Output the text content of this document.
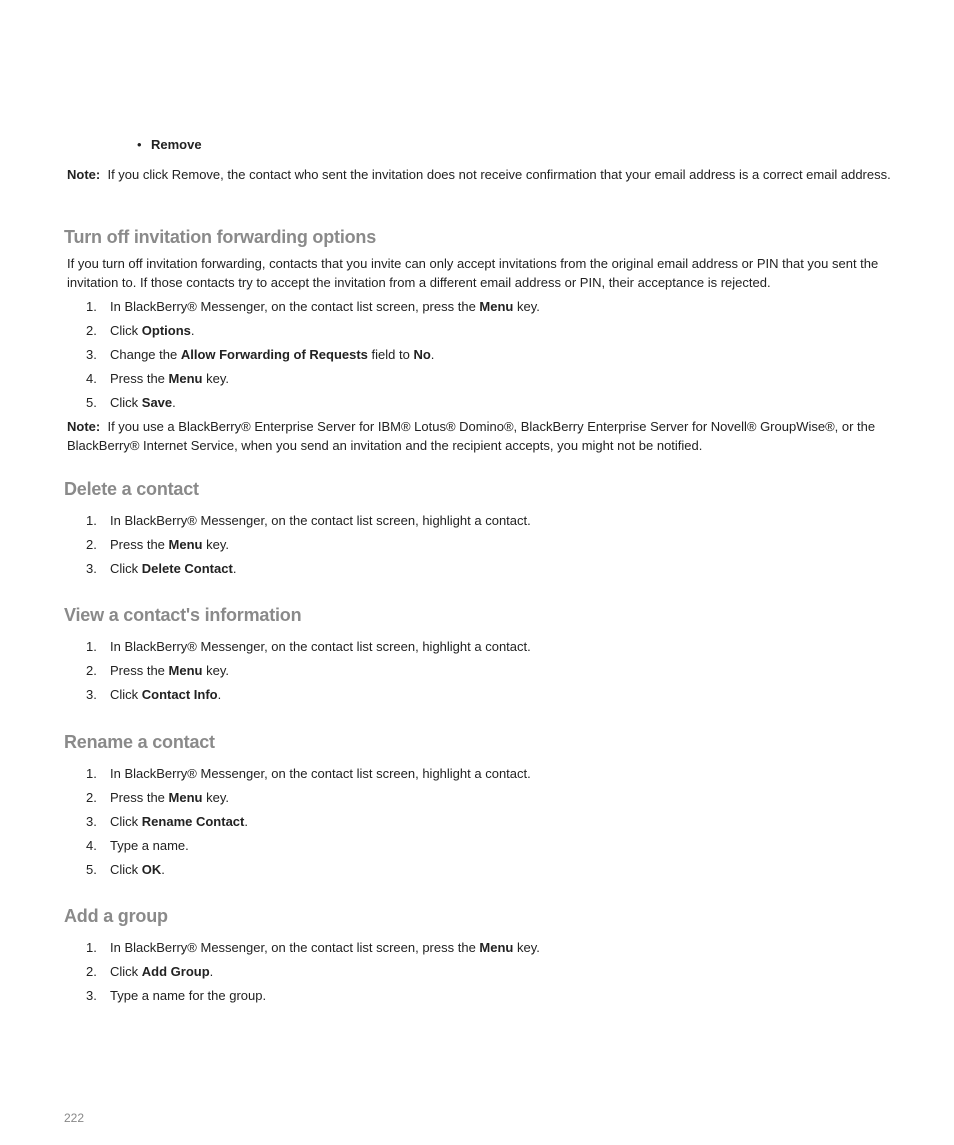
• Remove
Note: If you click Remove, the contact who sent the invitation does not receive confirmation that your email address is a correct email address.
Turn off invitation forwarding options
If you turn off invitation forwarding, contacts that you invite can only accept invitations from the original email address or PIN that you sent the invitation to. If those contacts try to accept the invitation from a different email address or PIN, their acceptance is rejected.
1. In BlackBerry® Messenger, on the contact list screen, press the Menu key.
2. Click Options.
3. Change the Allow Forwarding of Requests field to No.
4. Press the Menu key.
5. Click Save.
Note: If you use a BlackBerry® Enterprise Server for IBM® Lotus® Domino®, BlackBerry Enterprise Server for Novell® GroupWise®, or the BlackBerry® Internet Service, when you send an invitation and the recipient accepts, you might not be notified.
Delete a contact
1. In BlackBerry® Messenger, on the contact list screen, highlight a contact.
2. Press the Menu key.
3. Click Delete Contact.
View a contact's information
1. In BlackBerry® Messenger, on the contact list screen, highlight a contact.
2. Press the Menu key.
3. Click Contact Info.
Rename a contact
1. In BlackBerry® Messenger, on the contact list screen, highlight a contact.
2. Press the Menu key.
3. Click Rename Contact.
4. Type a name.
5. Click OK.
Add a group
1. In BlackBerry® Messenger, on the contact list screen, press the Menu key.
2. Click Add Group.
3. Type a name for the group.
222
